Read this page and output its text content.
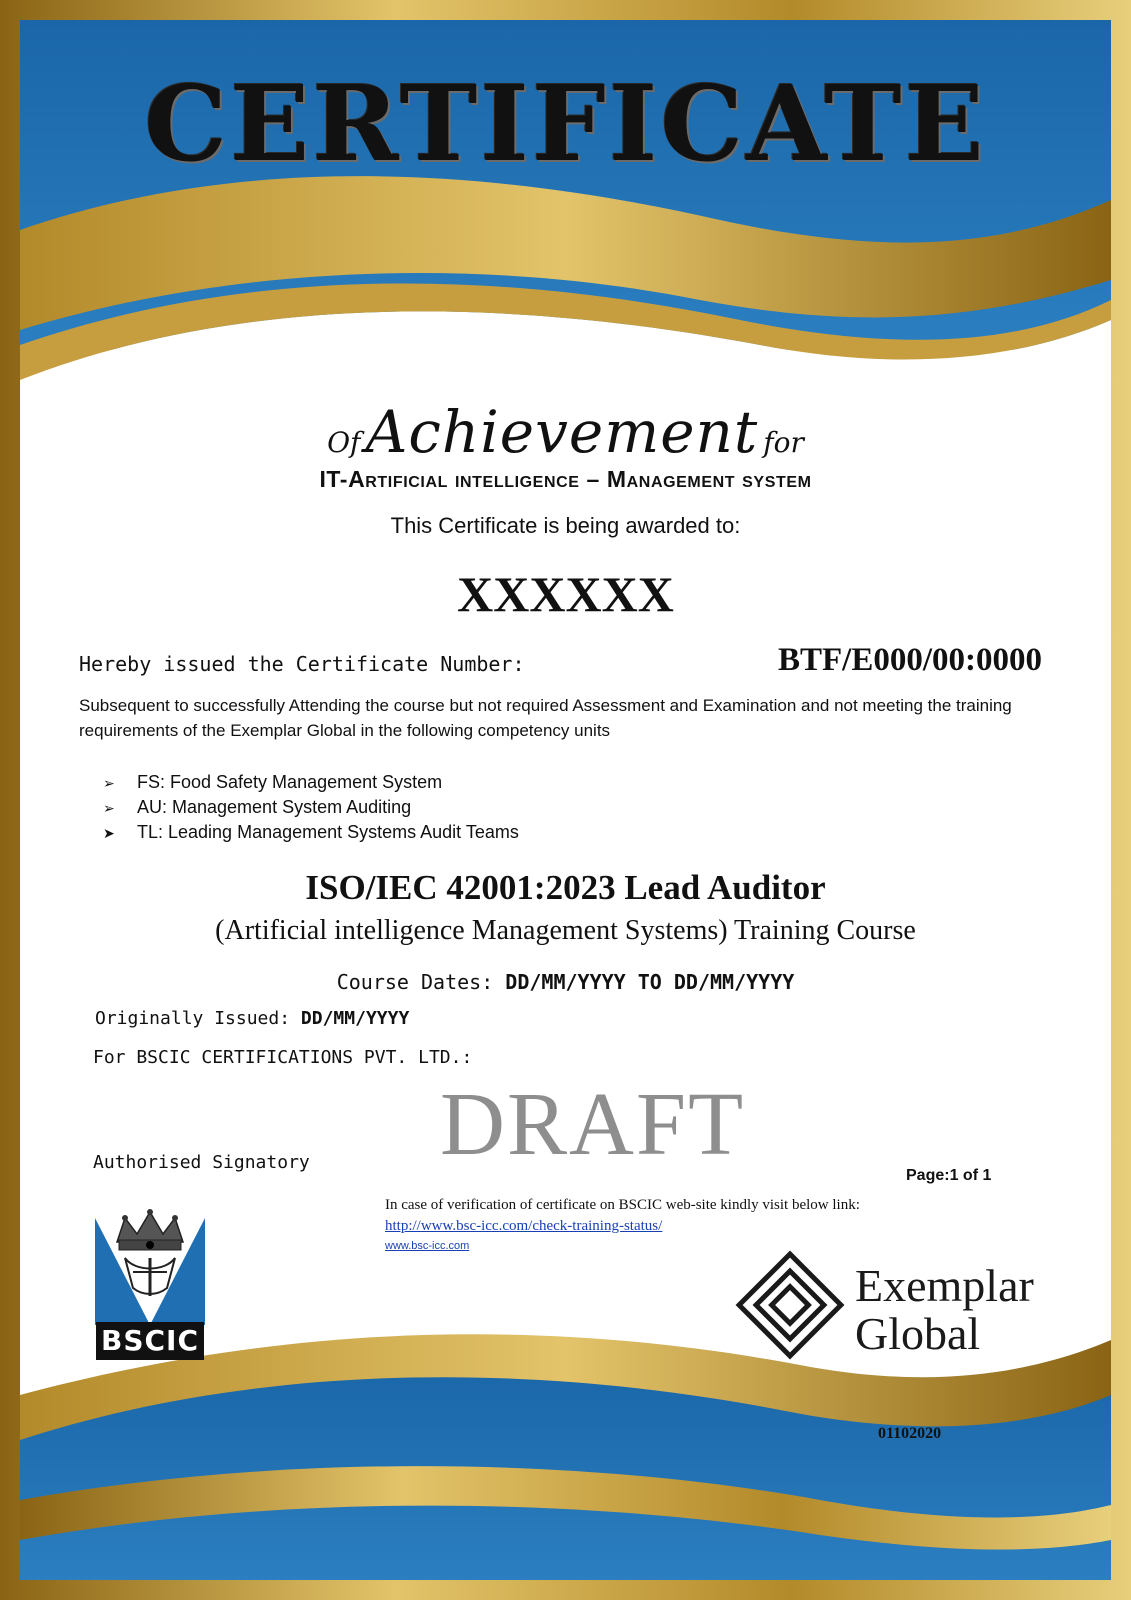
CERTIFICATE
Of Achievement for
IT-Artificial intelligence – Management system
This Certificate is being awarded to:
XXXXXX
Hereby issued the Certificate Number:	BTF/E000/00:0000
Subsequent to successfully Attending the course but not required Assessment and Examination and not meeting the training requirements of the Exemplar Global in the following competency units
➢ FS: Food Safety Management System
➢ AU: Management System Auditing
➤ TL: Leading Management Systems Audit Teams
ISO/IEC 42001:2023 Lead Auditor
(Artificial intelligence Management Systems) Training Course
Course Dates: DD/MM/YYYY TO DD/MM/YYYY
Originally Issued: DD/MM/YYYY
For BSCIC CERTIFICATIONS PVT. LTD.:
DRAFT
Authorised Signatory
Page:1 of 1
In case of verification of certificate on BSCIC web-site kindly visit below link:
http://www.bsc-icc.com/check-training-status/
www.bsc-icc.com
BSCIC
Exemplar
Global
01102020
